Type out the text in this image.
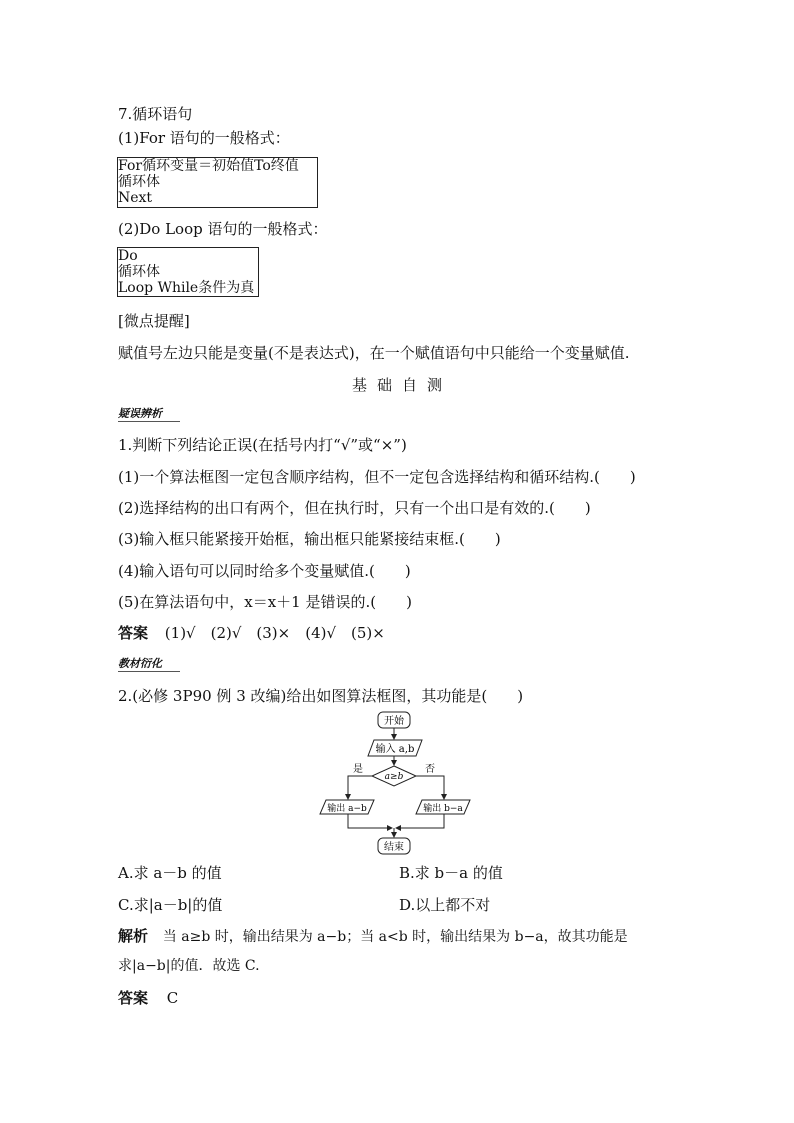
7.循环语句
(1)For 语句的一般格式：
For循环变量＝初始值To终值
循环体
Next
(2)Do Loop 语句的一般格式：
Do
循环体
Loop While条件为真
[微点提醒]
赋值号左边只能是变量(不是表达式)，在一个赋值语句中只能给一个变量赋值.
基础自测
疑误辨析
1.判断下列结论正误(在括号内打“√”或“×”)
(1)一个算法框图一定包含顺序结构，但不一定包含选择结构和循环结构.(　　)
(2)选择结构的出口有两个，但在执行时，只有一个出口是有效的.(　　)
(3)输入框只能紧接开始框，输出框只能紧接结束框.(　　)
(4)输入语句可以同时给多个变量赋值.(　　)
(5)在算法语句中，x＝x＋1 是错误的.(　　)
答案 (1)√　(2)√　(3)×　(4)√　(5)×
教材衍化
2.(必修 3P90 例 3 改编)给出如图算法框图，其功能是(　　)
开始
输入 a,b
a≥b
是	否
输出 a−b	输出 b−a
结束
A.求 a－b 的值	B.求 b－a 的值
C.求|a－b|的值	D.以上都不对
解析 当 a≥b 时，输出结果为 a−b；当 a<b 时，输出结果为 b−a，故其功能是
求|a−b|的值．故选 C.
答案 C
